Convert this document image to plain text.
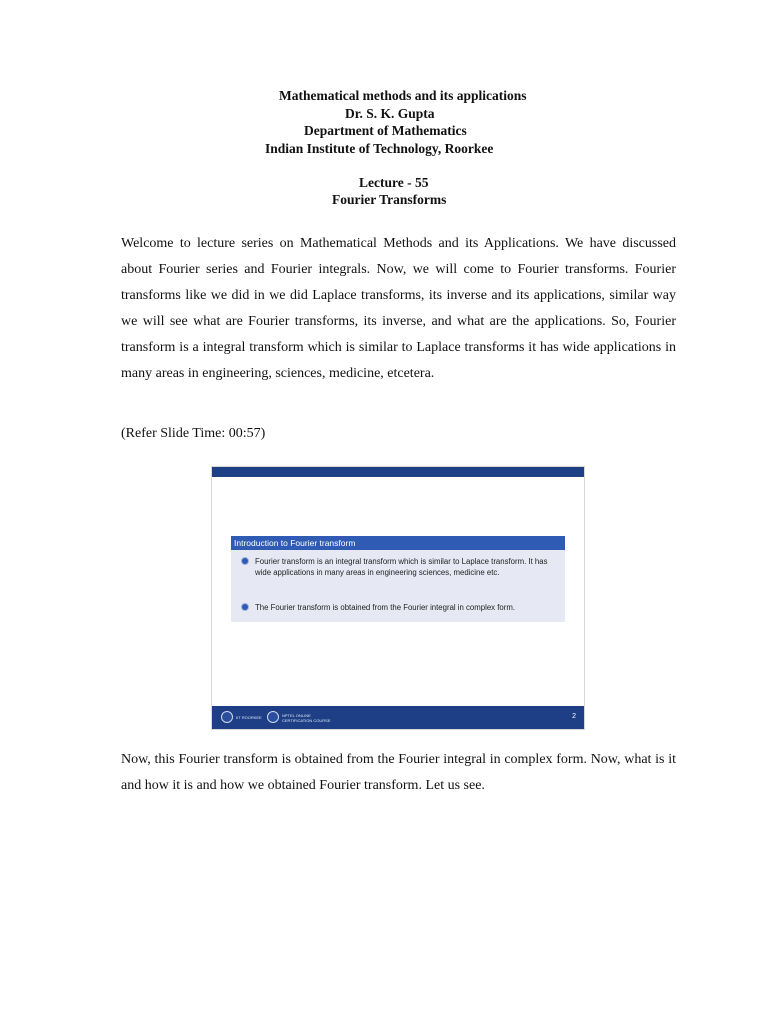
Mathematical methods and its applications
Dr. S. K. Gupta
Department of Mathematics
Indian Institute of Technology, Roorkee
Lecture - 55
Fourier Transforms
Welcome to lecture series on Mathematical Methods and its Applications. We have discussed about Fourier series and Fourier integrals. Now, we will come to Fourier transforms. Fourier transforms like we did in we did Laplace transforms, its inverse and its applications, similar way we will see what are Fourier transforms, its inverse, and what are the applications. So, Fourier transform is a integral transform which is similar to Laplace transforms it has wide applications in many areas in engineering, sciences, medicine, etcetera.
(Refer Slide Time: 00:57)
Introduction to Fourier transform
Fourier transform is an integral transform which is similar to Laplace transform. It has wide applications in many areas in engineering sciences, medicine etc.
The Fourier transform is obtained from the Fourier integral in complex form.
IIT ROORKEE	NPTEL ONLINE
CERTIFICATION COURSE
2
Now, this Fourier transform is obtained from the Fourier integral in complex form. Now, what is it and how it is and how we obtained Fourier transform. Let us see.
